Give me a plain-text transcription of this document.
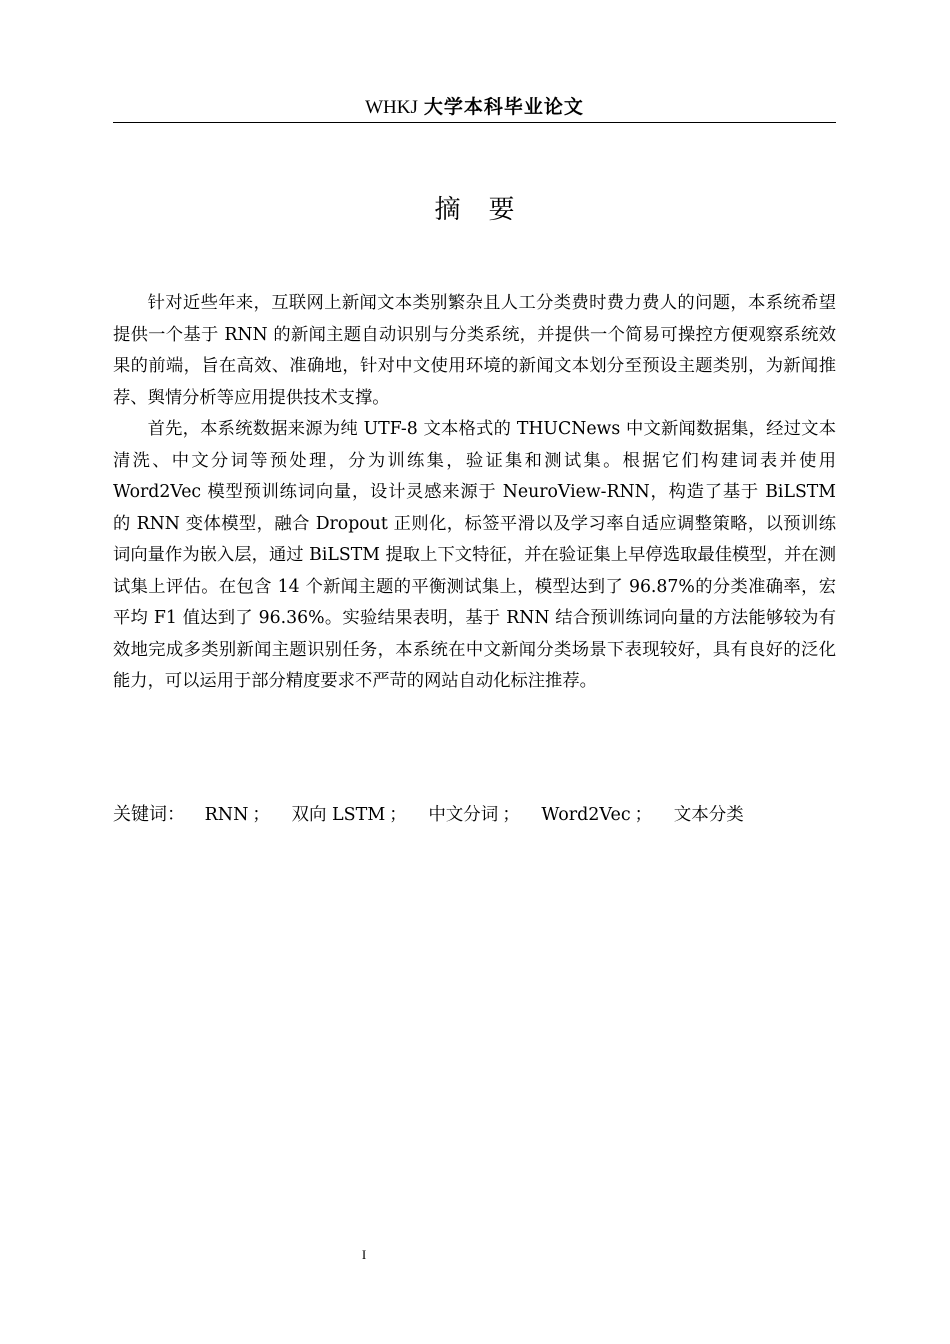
WHKJ 大学本科毕业论文
摘要

针对近些年来，互联网上新闻文本类别繁杂且人工分类费时费力费人的问题，本系统希望提供一个基于 RNN 的新闻主题自动识别与分类系统，并提供一个简易可操控方便观察系统效果的前端，旨在高效、准确地，针对中文使用环境的新闻文本划分至预设主题类别，为新闻推荐、舆情分析等应用提供技术支撑。

首先，本系统数据来源为纯 UTF-8 文本格式的 THUCNews 中文新闻数据集，经过文本清洗、中文分词等预处理，分为训练集，验证集和测试集。根据它们构建词表并使用 Word2Vec 模型预训练词向量，设计灵感来源于 NeuroView-RNN，构造了基于 BiLSTM 的 RNN 变体模型，融合 Dropout 正则化，标签平滑以及学习率自适应调整策略，以预训练词向量作为嵌入层，通过 BiLSTM 提取上下文特征，并在验证集上早停选取最佳模型，并在测试集上评估。在包含 14 个新闻主题的平衡测试集上，模型达到了 96.87%的分类准确率，宏平均 F1 值达到了 96.36%。实验结果表明，基于 RNN 结合预训练词向量的方法能够较为有效地完成多类别新闻主题识别任务，本系统在中文新闻分类场景下表现较好，具有良好的泛化能力，可以运用于部分精度要求不严苛的网站自动化标注推荐。

关键词： RNN ； 双向 LSTM ； 中文分词 ； Word2Vec ； 文本分类
I
